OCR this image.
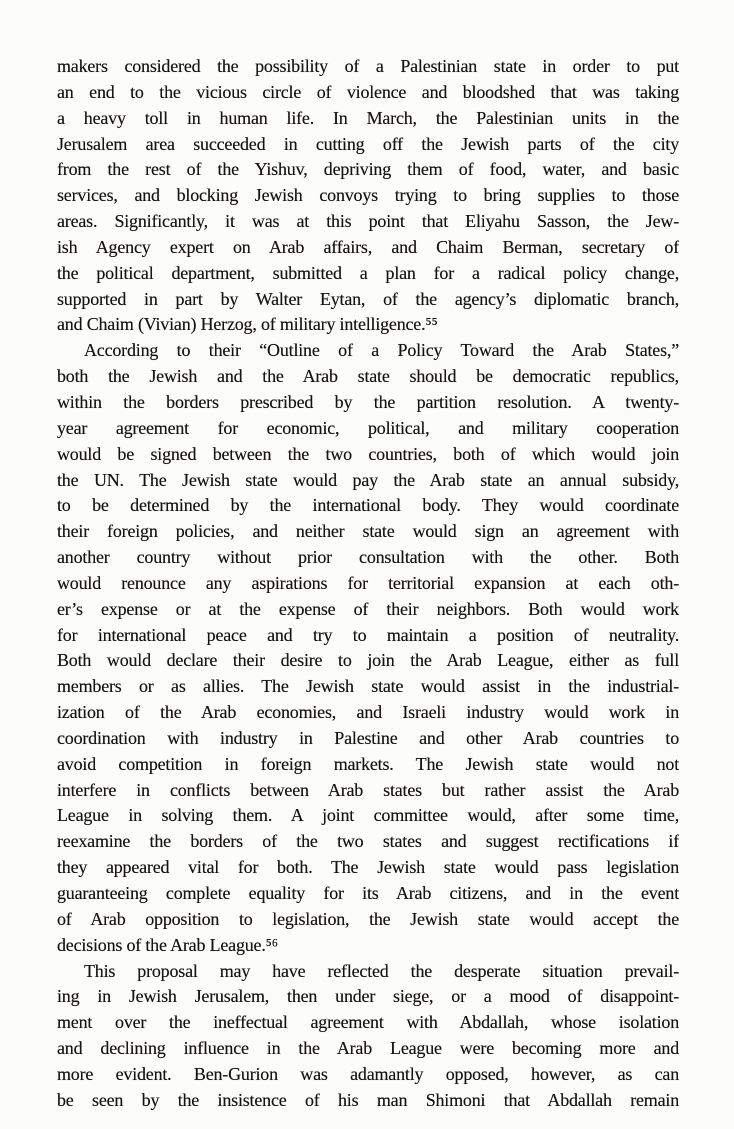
makers considered the possibility of a Palestinian state in order to put
an end to the vicious circle of violence and bloodshed that was taking
a heavy toll in human life. In March, the Palestinian units in the
Jerusalem area succeeded in cutting off the Jewish parts of the city
from the rest of the Yishuv, depriving them of food, water, and basic
services, and blocking Jewish convoys trying to bring supplies to those
areas. Significantly, it was at this point that Eliyahu Sasson, the Jew-
ish Agency expert on Arab affairs, and Chaim Berman, secretary of
the political department, submitted a plan for a radical policy change,
supported in part by Walter Eytan, of the agency’s diplomatic branch,
and Chaim (Vivian) Herzog, of military intelligence.⁵⁵
According to their “Outline of a Policy Toward the Arab States,”
both the Jewish and the Arab state should be democratic republics,
within the borders prescribed by the partition resolution. A twenty-
year agreement for economic, political, and military cooperation
would be signed between the two countries, both of which would join
the UN. The Jewish state would pay the Arab state an annual subsidy,
to be determined by the international body. They would coordinate
their foreign policies, and neither state would sign an agreement with
another country without prior consultation with the other. Both
would renounce any aspirations for territorial expansion at each oth-
er’s expense or at the expense of their neighbors. Both would work
for international peace and try to maintain a position of neutrality.
Both would declare their desire to join the Arab League, either as full
members or as allies. The Jewish state would assist in the industrial-
ization of the Arab economies, and Israeli industry would work in
coordination with industry in Palestine and other Arab countries to
avoid competition in foreign markets. The Jewish state would not
interfere in conflicts between Arab states but rather assist the Arab
League in solving them. A joint committee would, after some time,
reexamine the borders of the two states and suggest rectifications if
they appeared vital for both. The Jewish state would pass legislation
guaranteeing complete equality for its Arab citizens, and in the event
of Arab opposition to legislation, the Jewish state would accept the
decisions of the Arab League.⁵⁶
This proposal may have reflected the desperate situation prevail-
ing in Jewish Jerusalem, then under siege, or a mood of disappoint-
ment over the ineffectual agreement with Abdallah, whose isolation
and declining influence in the Arab League were becoming more and
more evident. Ben-Gurion was adamantly opposed, however, as can
be seen by the insistence of his man Shimoni that Abdallah remain
